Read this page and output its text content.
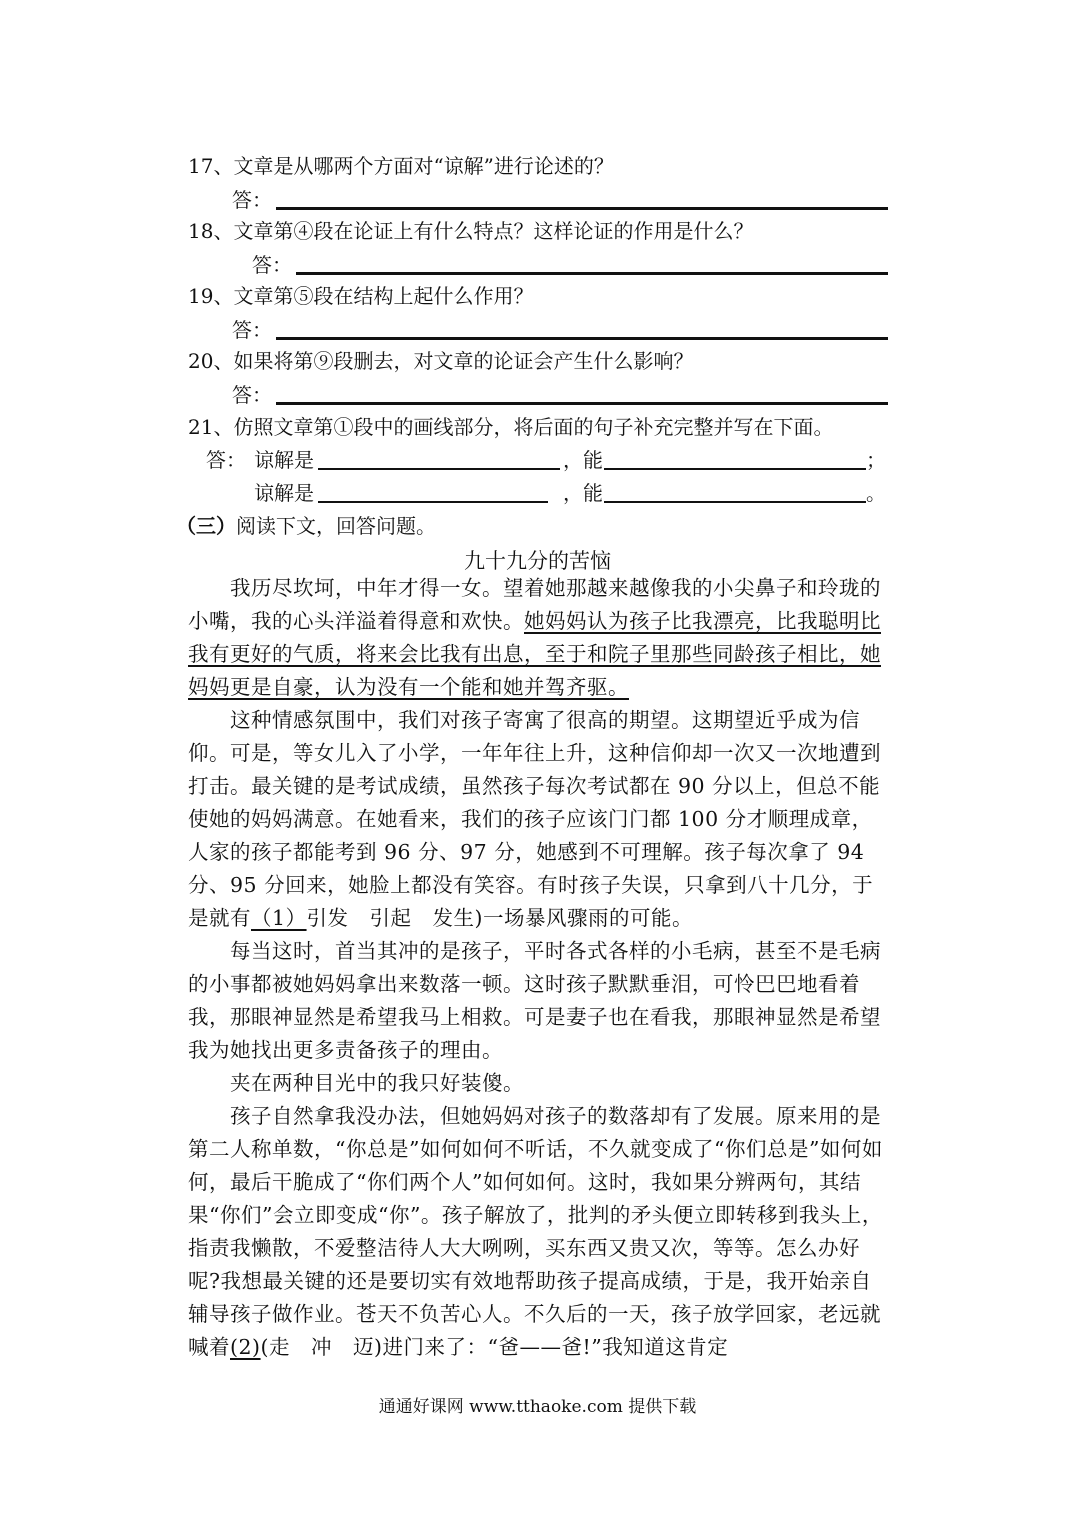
17、文章是从哪两个方面对“谅解”进行论述的？
答：
18、文章第④段在论证上有什么特点？这样论证的作用是什么？
答：
19、文章第⑤段在结构上起什么作用？
答：
20、如果将第⑨段删去，对文章的论证会产生什么影响？
答：
21、仿照文章第①段中的画线部分，将后面的句子补充完整并写在下面。
答： 谅解是	，能	；
谅解是	，能	。
（三）阅读下文，回答问题。
九十九分的苦恼
我历尽坎坷，中年才得一女。望着她那越来越像我的小尖鼻子和玲珑的小嘴，我的心头洋溢着得意和欢快。她妈妈认为孩子比我漂亮，比我聪明比我有更好的气质，将来会比我有出息，至于和院子里那些同龄孩子相比，她妈妈更是自豪，认为没有一个能和她并驾齐驱。
这种情感氛围中，我们对孩子寄寓了很高的期望。这期望近乎成为信仰。可是，等女儿入了小学，一年年往上升，这种信仰却一次又一次地遭到打击。最关键的是考试成绩，虽然孩子每次考试都在 90 分以上，但总不能使她的妈妈满意。在她看来，我们的孩子应该门门都 100 分才顺理成章，人家的孩子都能考到 96 分、97 分，她感到不可理解。孩子每次拿了 94 分、95 分回来，她脸上都没有笑容。有时孩子失误，只拿到八十几分，于是就有（1）引发　引起　发生)一场暴风骤雨的可能。
每当这时，首当其冲的是孩子，平时各式各样的小毛病，甚至不是毛病的小事都被她妈妈拿出来数落一顿。这时孩子默默垂泪，可怜巴巴地看着我，那眼神显然是希望我马上相救。可是妻子也在看我，那眼神显然是希望我为她找出更多责备孩子的理由。
夹在两种目光中的我只好装傻。
孩子自然拿我没办法，但她妈妈对孩子的数落却有了发展。原来用的是第二人称单数，“你总是”如何如何不听话，不久就变成了“你们总是”如何如何，最后干脆成了“你们两个人”如何如何。这时，我如果分辨两句，其结果“你们”会立即变成“你”。孩子解放了，批判的矛头便立即转移到我头上，指责我懒散，不爱整洁待人大大咧咧，买东西又贵又次，等等。怎么办好呢?我想最关键的还是要切实有效地帮助孩子提高成绩，于是，我开始亲自辅导孩子做作业。苍天不负苦心人。不久后的一天，孩子放学回家，老远就喊着(2)(走　冲　迈)进门来了：“爸——爸!”我知道这肯定
通通好课网 www.tthaoke.com 提供下载
